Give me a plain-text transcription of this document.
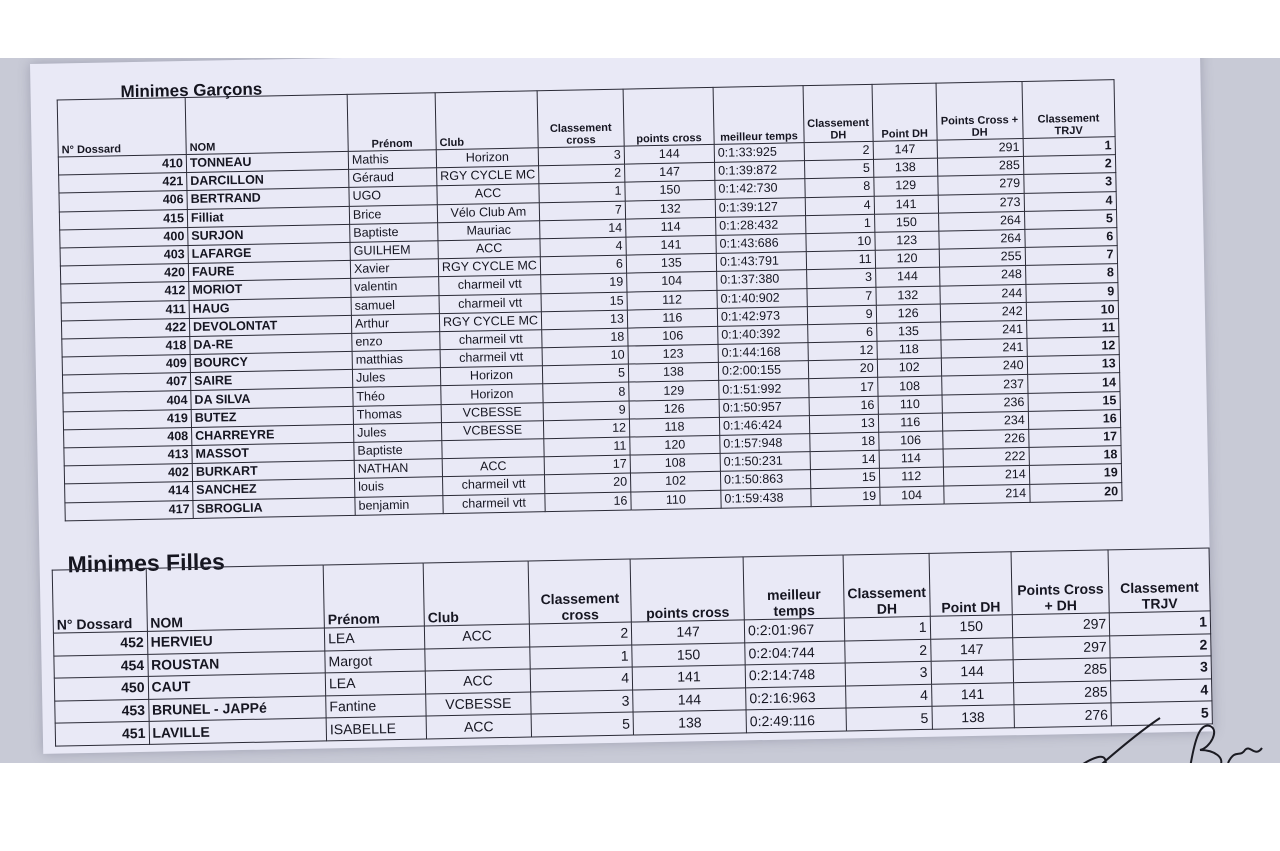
Minimes Garçons
N° Dossard	NOM	Prénom	Club	Classement cross	points cross	meilleur temps	Classement DH	Point DH	Points Cross + DH	Classement TRJV
410	TONNEAU	Mathis	Horizon	3	144	0:1:33:925	2	147	291	1
421	DARCILLON	Géraud	RGY CYCLE MC	2	147	0:1:39:872	5	138	285	2
406	BERTRAND	UGO	ACC	1	150	0:1:42:730	8	129	279	3
415	Filliat	Brice	Vélo Club Am	7	132	0:1:39:127	4	141	273	4
400	SURJON	Baptiste	Mauriac	14	114	0:1:28:432	1	150	264	5
403	LAFARGE	GUILHEM	ACC	4	141	0:1:43:686	10	123	264	6
420	FAURE	Xavier	RGY CYCLE MC	6	135	0:1:43:791	11	120	255	7
412	MORIOT	valentin	charmeil vtt	19	104	0:1:37:380	3	144	248	8
411	HAUG	samuel	charmeil vtt	15	112	0:1:40:902	7	132	244	9
422	DEVOLONTAT	Arthur	RGY CYCLE MC	13	116	0:1:42:973	9	126	242	10
418	DA-RE	enzo	charmeil vtt	18	106	0:1:40:392	6	135	241	11
409	BOURCY	matthias	charmeil vtt	10	123	0:1:44:168	12	118	241	12
407	SAIRE	Jules	Horizon	5	138	0:2:00:155	20	102	240	13
404	DA SILVA	Théo	Horizon	8	129	0:1:51:992	17	108	237	14
419	BUTEZ	Thomas	VCBESSE	9	126	0:1:50:957	16	110	236	15
408	CHARREYRE	Jules	VCBESSE	12	118	0:1:46:424	13	116	234	16
413	MASSOT	Baptiste		11	120	0:1:57:948	18	106	226	17
402	BURKART	NATHAN	ACC	17	108	0:1:50:231	14	114	222	18
414	SANCHEZ	louis	charmeil vtt	20	102	0:1:50:863	15	112	214	19
417	SBROGLIA	benjamin	charmeil vtt	16	110	0:1:59:438	19	104	214	20
Minimes Filles
N° Dossard	NOM	Prénom	Club	Classement cross	points cross	meilleur temps	Classement DH	Point DH	Points Cross + DH	Classement TRJV
452	HERVIEU	LEA	ACC	2	147	0:2:01:967	1	150	297	1
454	ROUSTAN	Margot		1	150	0:2:04:744	2	147	297	2
450	CAUT	LEA	ACC	4	141	0:2:14:748	3	144	285	3
453	BRUNEL - JAPPé	Fantine	VCBESSE	3	144	0:2:16:963	4	141	285	4
451	LAVILLE	ISABELLE	ACC	5	138	0:2:49:116	5	138	276	5
